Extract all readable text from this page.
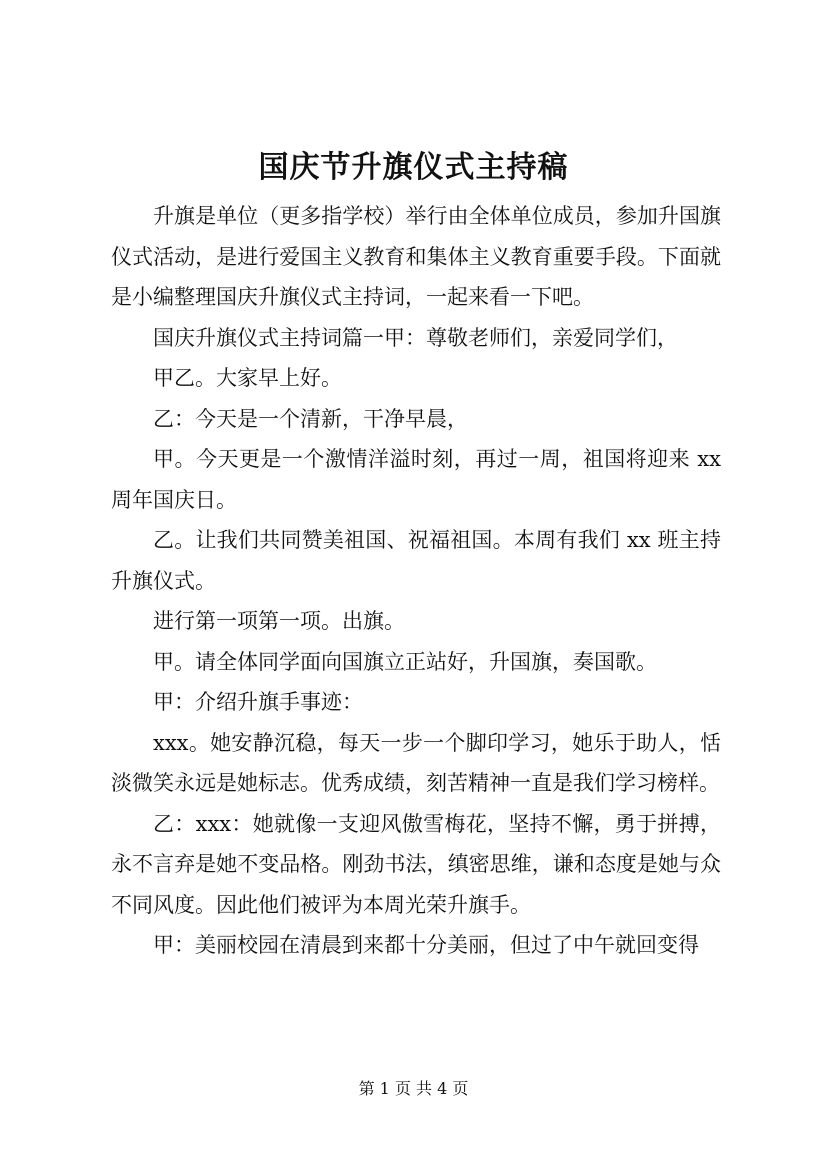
国庆节升旗仪式主持稿

升旗是单位（更多指学校）举行由全体单位成员，参加升国旗仪式活动，是进行爱国主义教育和集体主义教育重要手段。下面就是小编整理国庆升旗仪式主持词，一起来看一下吧。

国庆升旗仪式主持词篇一甲：尊敬老师们，亲爱同学们，

甲乙。大家早上好。

乙：今天是一个清新，干净早晨，

甲。今天更是一个激情洋溢时刻，再过一周，祖国将迎来 xx 周年国庆日。

乙。让我们共同赞美祖国、祝福祖国。本周有我们 xx 班主持升旗仪式。

进行第一项第一项。出旗。

甲。请全体同学面向国旗立正站好，升国旗，奏国歌。

甲：介绍升旗手事迹：

xxx。她安静沉稳，每天一步一个脚印学习，她乐于助人，恬淡微笑永远是她标志。优秀成绩，刻苦精神一直是我们学习榜样。

乙：xxx：她就像一支迎风傲雪梅花，坚持不懈，勇于拼搏，永不言弃是她不变品格。刚劲书法，缜密思维，谦和态度是她与众不同风度。因此他们被评为本周光荣升旗手。

甲：美丽校园在清晨到来都十分美丽，但过了中午就回变得

第 1 页 共 4 页
